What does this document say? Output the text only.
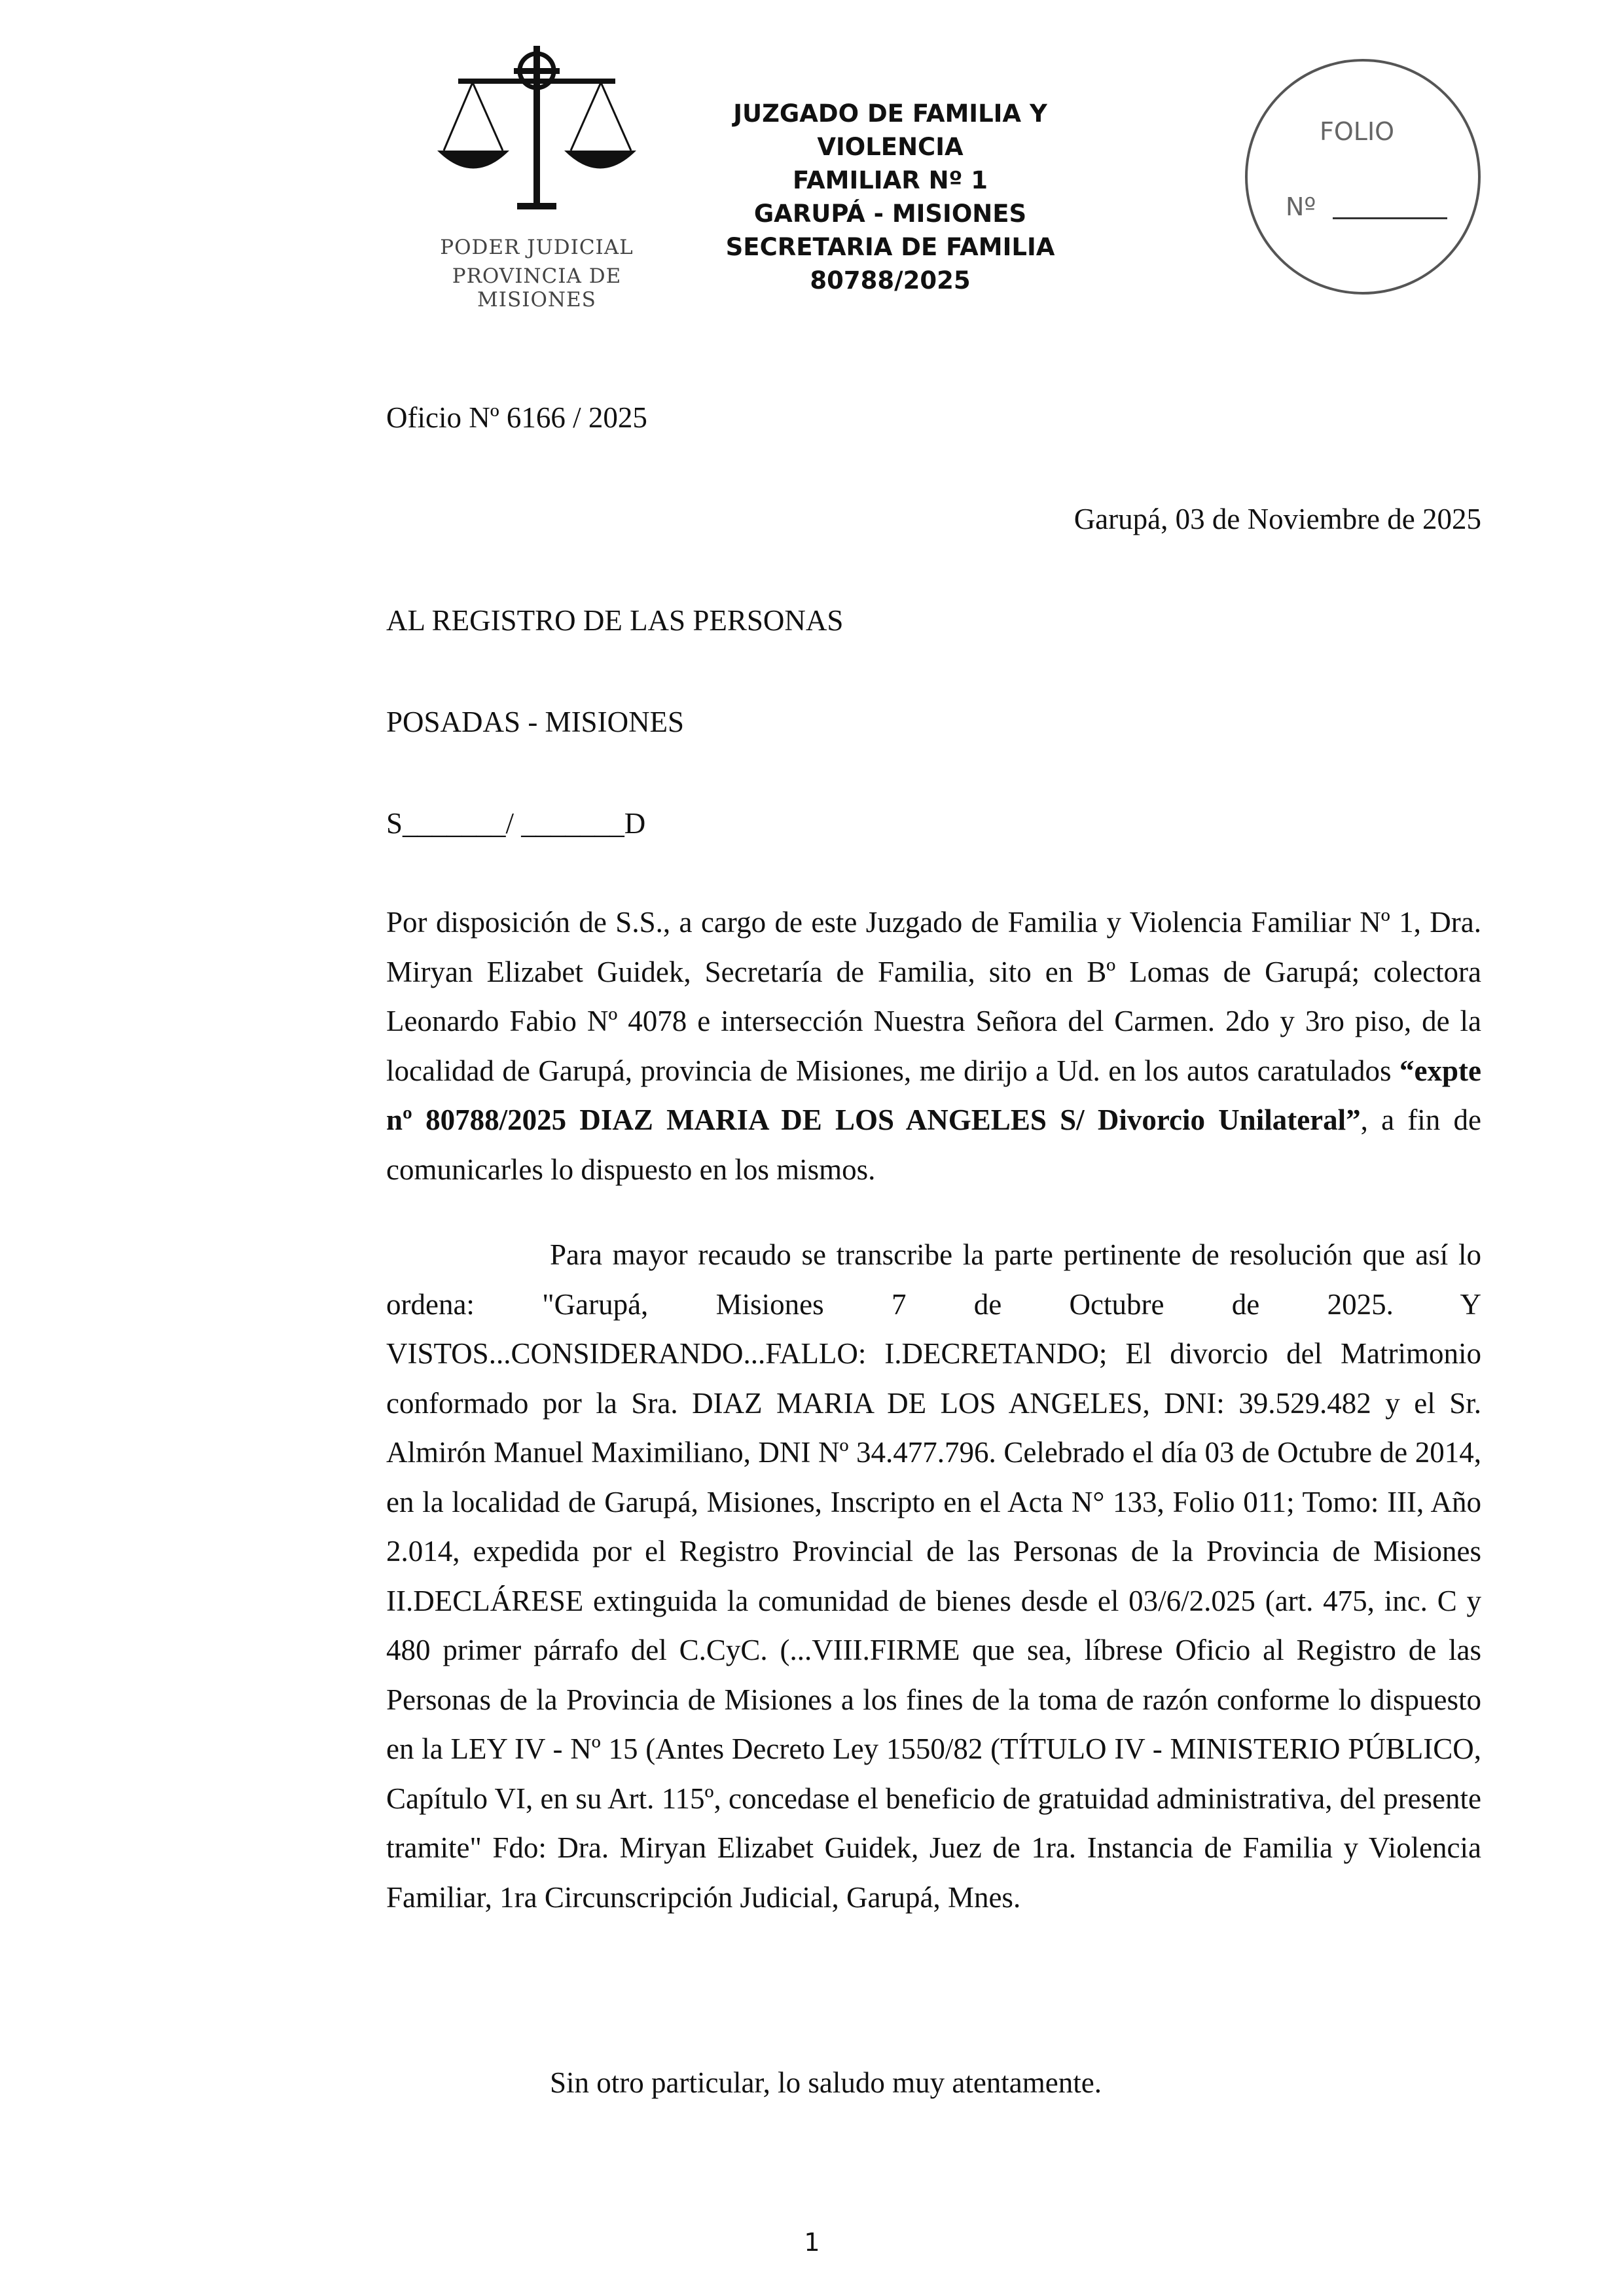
PODER JUDICIAL
PROVINCIA DE MISIONES
JUZGADO DE FAMILIA Y VIOLENCIA
FAMILIAR Nº 1
GARUPÁ - MISIONES
SECRETARIA DE FAMILIA
80788/2025
FOLIO
Nº
Oficio Nº 6166 / 2025
Garupá, 03 de Noviembre de 2025
AL REGISTRO DE LAS PERSONAS
POSADAS - MISIONES
S_______/ _______D
Por disposición de S.S., a cargo de este Juzgado de Familia y Violencia Familiar Nº 1, Dra. Miryan Elizabet Guidek, Secretaría de Familia, sito en Bº Lomas de Garupá; colectora Leonardo Fabio Nº 4078 e intersección Nuestra Señora del Carmen. 2do y 3ro piso, de la localidad de Garupá, provincia de Misiones, me dirijo a Ud. en los autos caratulados “expte nº 80788/2025 DIAZ MARIA DE LOS ANGELES S/ Divorcio Unilateral”, a fin de comunicarles lo dispuesto en los mismos.
Para mayor recaudo se transcribe la parte pertinente de resolución que así lo ordena: "Garupá, Misiones 7 de Octubre de 2025. Y VISTOS...CONSIDERANDO...FALLO: I.DECRETANDO; El divorcio del Matrimonio conformado por la Sra. DIAZ MARIA DE LOS ANGELES, DNI: 39.529.482 y el Sr. Almirón Manuel Maximiliano, DNI Nº 34.477.796. Celebrado el día 03 de Octubre de 2014, en la localidad de Garupá, Misiones, Inscripto en el Acta N° 133, Folio 011; Tomo: III, Año 2.014, expedida por el Registro Provincial de las Personas de la Provincia de Misiones II.DECLÁRESE extinguida la comunidad de bienes desde el 03/6/2.025 (art. 475, inc. C y 480 primer párrafo del C.CyC. (...VIII.FIRME que sea, líbrese Oficio al Registro de las Personas de la Provincia de Misiones a los fines de la toma de razón conforme lo dispuesto en la LEY IV - Nº 15 (Antes Decreto Ley 1550/82 (TÍTULO IV - MINISTERIO PÚBLICO, Capítulo VI, en su Art. 115º, concedase el beneficio de gratuidad administrativa, del presente tramite" Fdo: Dra. Miryan Elizabet Guidek, Juez de 1ra. Instancia de Familia y Violencia Familiar, 1ra Circunscripción Judicial, Garupá, Mnes.
Sin otro particular, lo saludo muy atentamente.
1
